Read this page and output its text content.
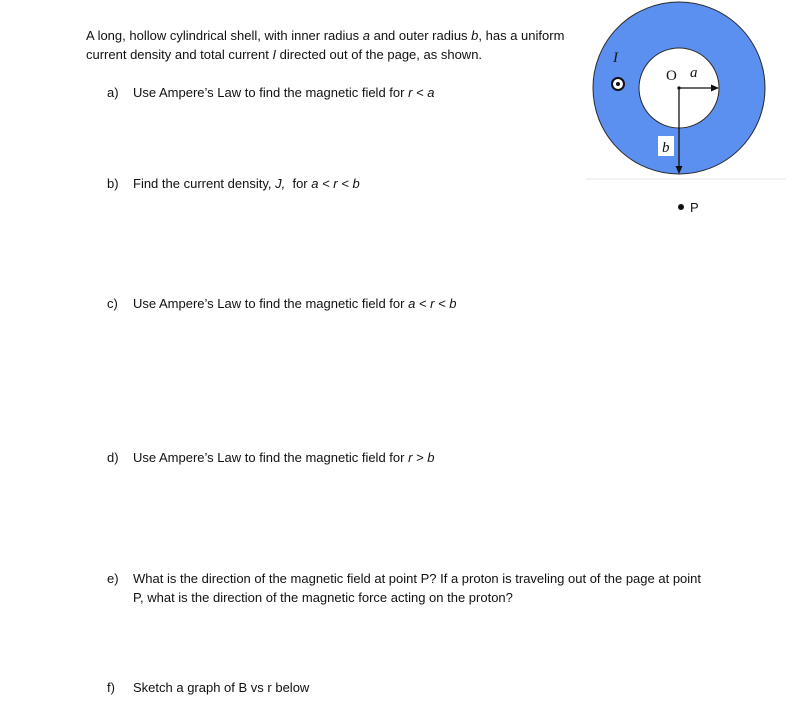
A long, hollow cylindrical shell, with inner radius a and outer radius b, has a uniform current density and total current I directed out of the page, as shown.

a) Use Ampere’s Law to find the magnetic field for r < a

b) Find the current density, J,  for a < r < b

c) Use Ampere’s Law to find the magnetic field for a < r < b

d) Use Ampere’s Law to find the magnetic field for r > b

e) What is the direction of the magnetic field at point P? If a proton is traveling out of the page at point P, what is the direction of the magnetic force acting on the proton?

f) Sketch a graph of B vs r below

O a
b
I
P
